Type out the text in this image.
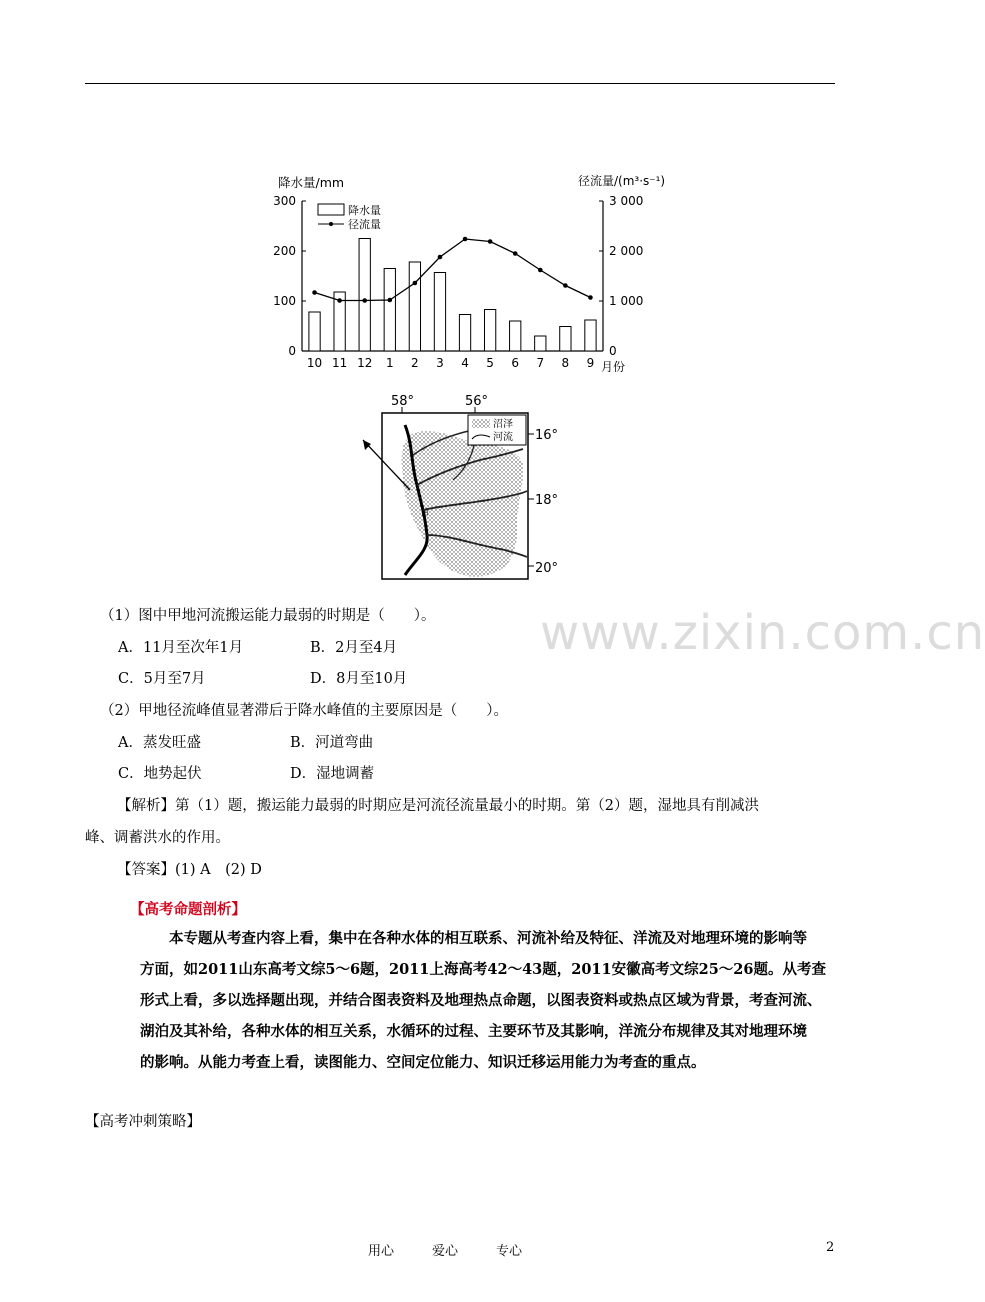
降水量/mm	径流量/(m³·s⁻¹)
300	3 000
200	2 000
100	1 000
0	0
10 11 12 1 2 3 4 5 6 7 8 9
降水量
径流量
月份
58°	56°
甲
沼泽
河流 16°
18°
20°
www.zixin.com.cn
（1）图中甲地河流搬运能力最弱的时期是（　　）。
A．11月至次年1月	B．2月至4月
C．5月至7月	D．8月至10月
（2）甲地径流峰值显著滞后于降水峰值的主要原因是（　　）。
A．蒸发旺盛	B．河道弯曲
C．地势起伏	D．湿地调蓄
【解析】第（1）题，搬运能力最弱的时期应是河流径流量最小的时期。第（2）题，湿地具有削减洪
峰、调蓄洪水的作用。
【答案】(1) A　(2) D
【高考命题剖析】
　　本专题从考查内容上看，集中在各种水体的相互联系、河流补给及特征、洋流及对地理环境的影响等
方面，如2011山东高考文综5～6题，2011上海高考42～43题，2011安徽高考文综25～26题。从考查
形式上看，多以选择题出现，并结合图表资料及地理热点命题，以图表资料或热点区域为背景，考查河流、
湖泊及其补给，各种水体的相互关系，水循环的过程、主要环节及其影响，洋流分布规律及其对地理环境
的影响。从能力考查上看，读图能力、空间定位能力、知识迁移运用能力为考查的重点。
【高考冲刺策略】
用心	爱心	专心	2
